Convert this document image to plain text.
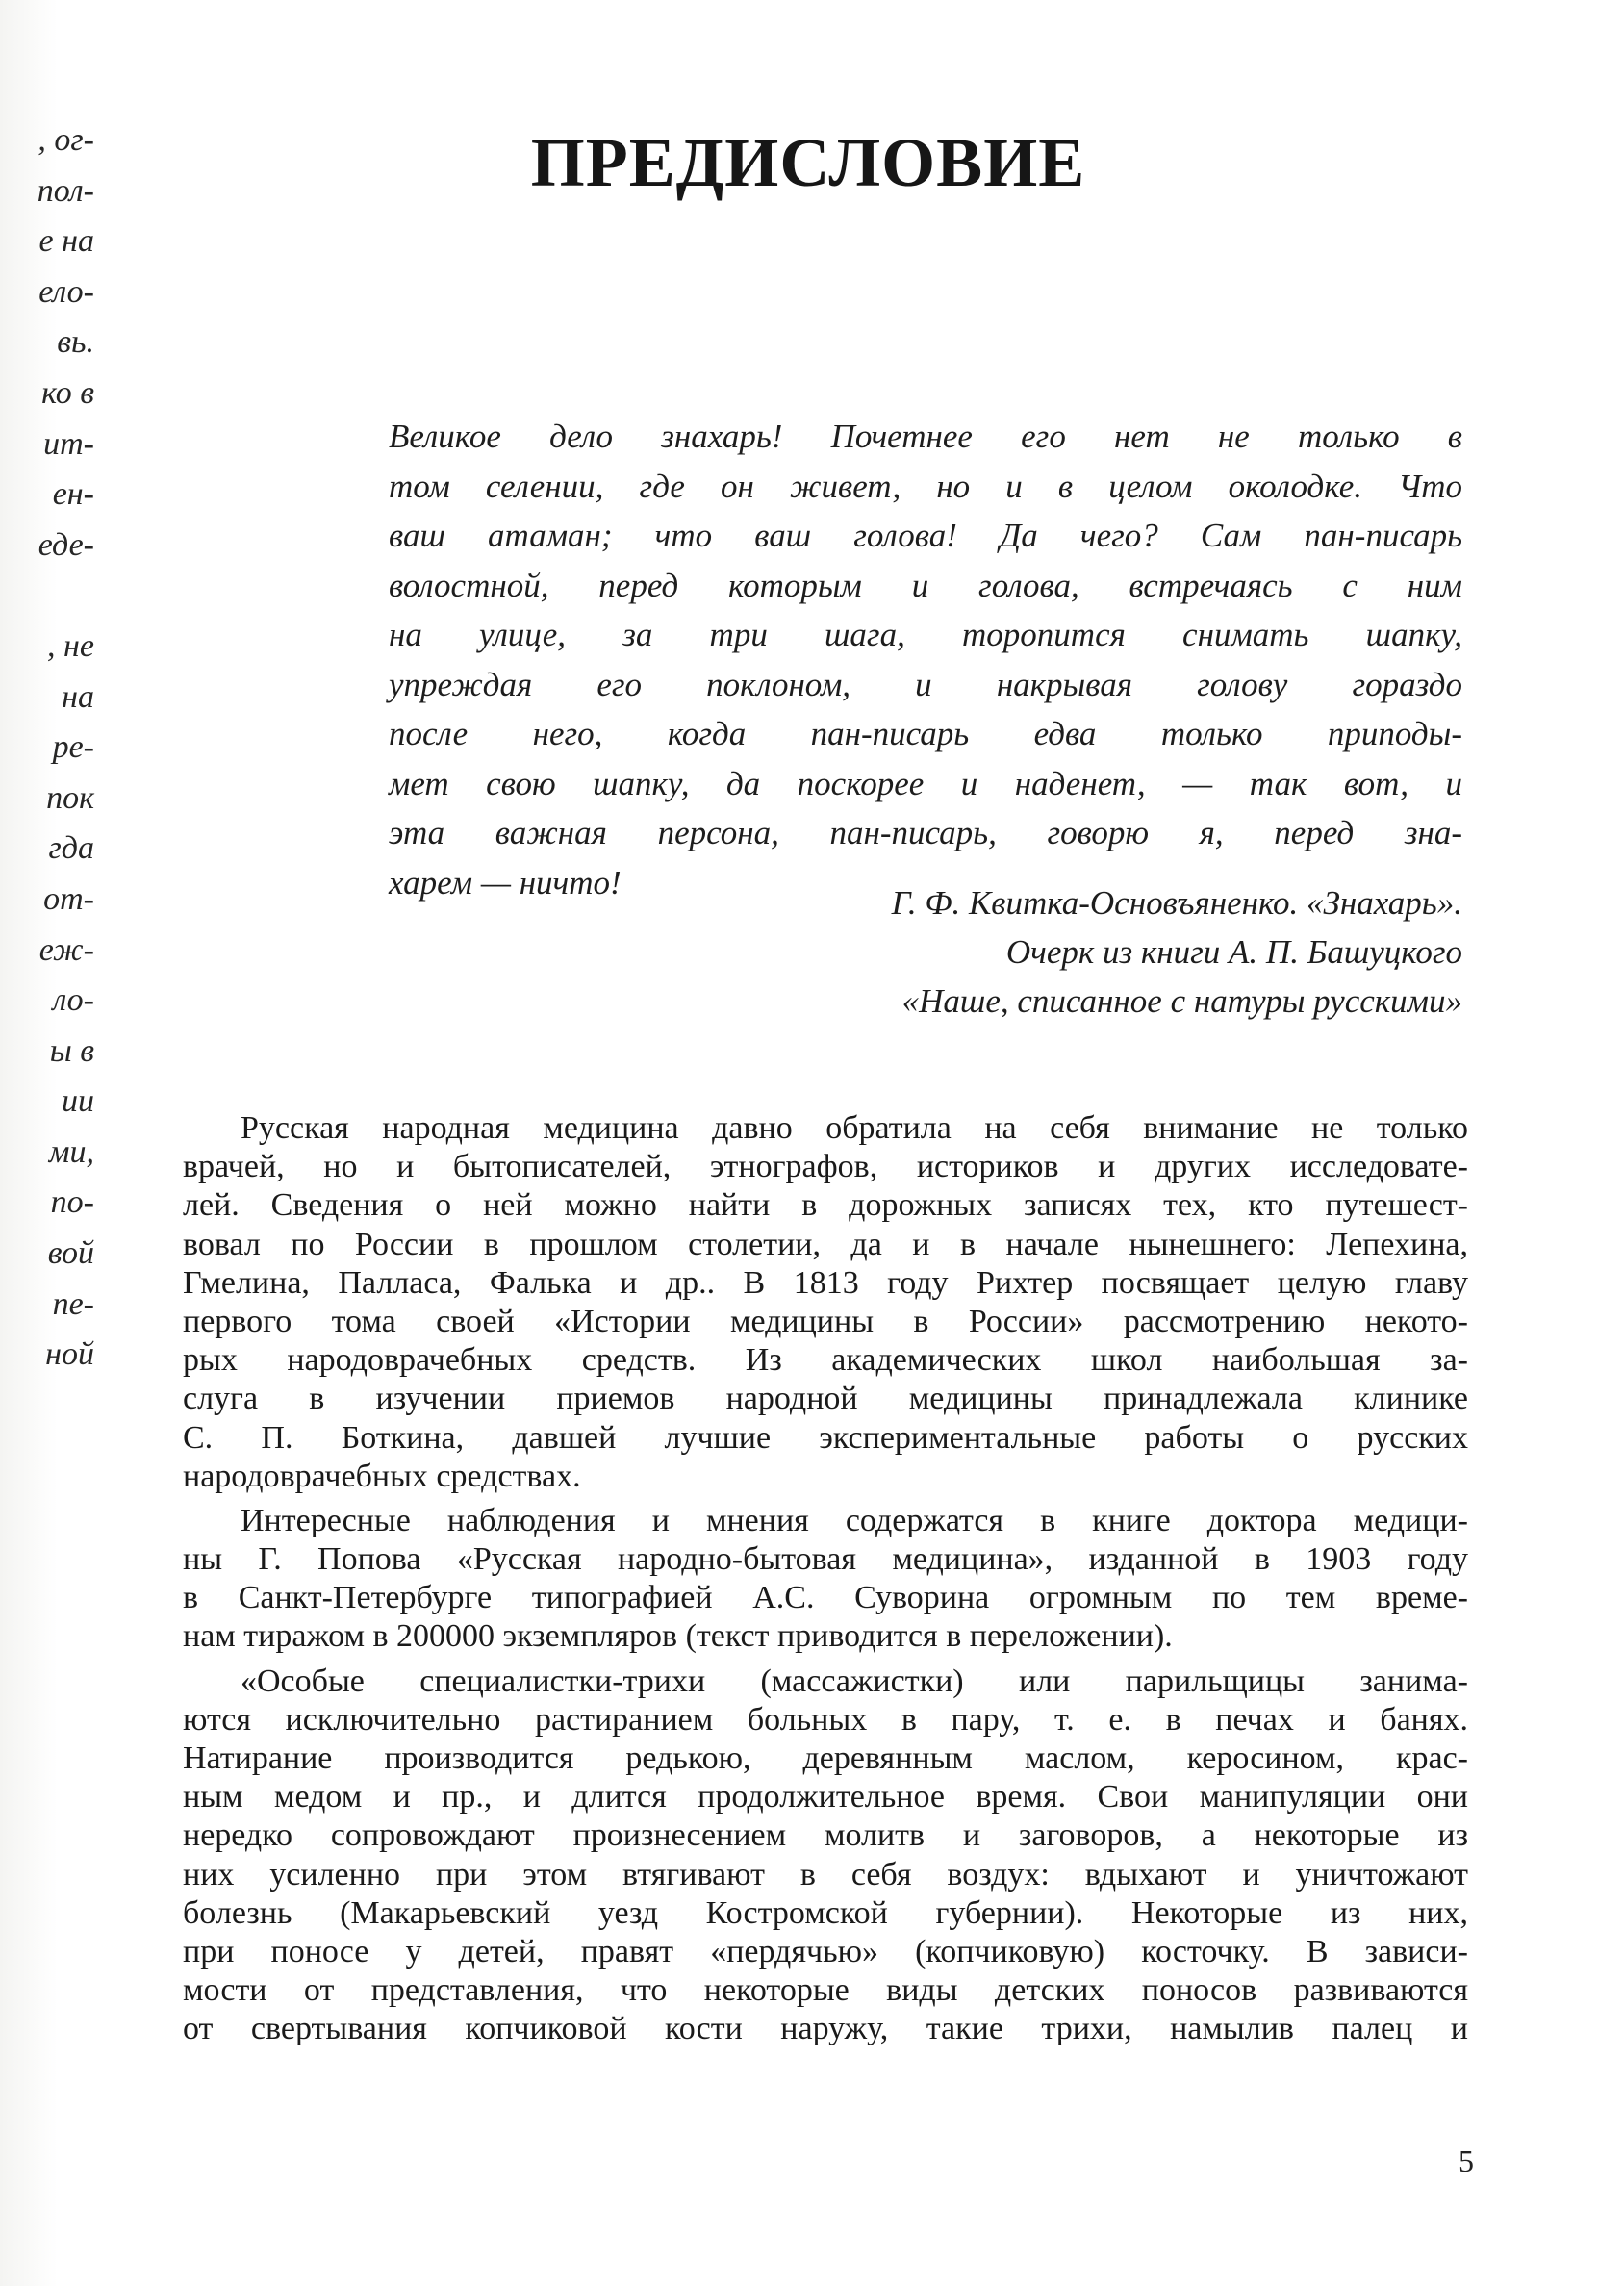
, ог-
пол-
е на
ело-
вь.
ко в
ит-
ен-
еде-
, не
на
ре-
пок
гда
от-
еж-
ло-
ы в
ии
ми,
по-
вой
пе-
ной
ПРЕДИСЛОВИЕ
Великое дело знахарь! Почетнее его нет не только в
том селении, где он живет, но и в целом околодке. Что
ваш атаман; что ваш голова! Да чего? Сам пан-писарь
волостной, перед которым и голова, встречаясь с ним
на улице, за три шага, торопится снимать шапку,
упреждая его поклоном, и накрывая голову гораздо
после него, когда пан-писарь едва только приподы-
мет свою шапку, да поскорее и наденет, — так вот, и
эта важная персона, пан-писарь, говорю я, перед зна-
харем — ничто!
Г. Ф. Квитка-Основъяненко. «Знахарь».
Очерк из книги А. П. Башуцкого
«Наше, списанное с натуры русскими»
Русская народная медицина давно обратила на себя внимание не только
врачей, но и бытописателей, этнографов, историков и других исследовате-
лей. Сведения о ней можно найти в дорожных записях тех, кто путешест-
вовал по России в прошлом столетии, да и в начале нынешнего: Лепехина,
Гмелина, Палласа, Фалька и др.. В 1813 году Рихтер посвящает целую главу
первого тома своей «Истории медицины в России» рассмотрению некото-
рых народоврачебных средств. Из академических школ наибольшая за-
слуга в изучении приемов народной медицины принадлежала клинике
С. П. Боткина, давшей лучшие экспериментальные работы о русских
народоврачебных средствах.
Интересные наблюдения и мнения содержатся в книге доктора медици-
ны Г. Попова «Русская народно-бытовая медицина», изданной в 1903 году
в Санкт-Петербурге типографией А.С. Суворина огромным по тем време-
нам тиражом в 200000 экземпляров (текст приводится в переложении).
«Особые специалистки-трихи (массажистки) или парильщицы занима-
ются исключительно растиранием больных в пару, т. е. в печах и банях.
Натирание производится редькою, деревянным маслом, керосином, крас-
ным медом и пр., и длится продолжительное время. Свои манипуляции они
нередко сопровождают произнесением молитв и заговоров, а некоторые из
них усиленно при этом втягивают в себя воздух: вдыхают и уничтожают
болезнь (Макарьевский уезд Костромской губернии). Некоторые из них,
при поносе у детей, правят «пердячью» (копчиковую) косточку. В зависи-
мости от представления, что некоторые виды детских поносов развиваются
от свертывания копчиковой кости наружу, такие трихи, намылив палец и
5
